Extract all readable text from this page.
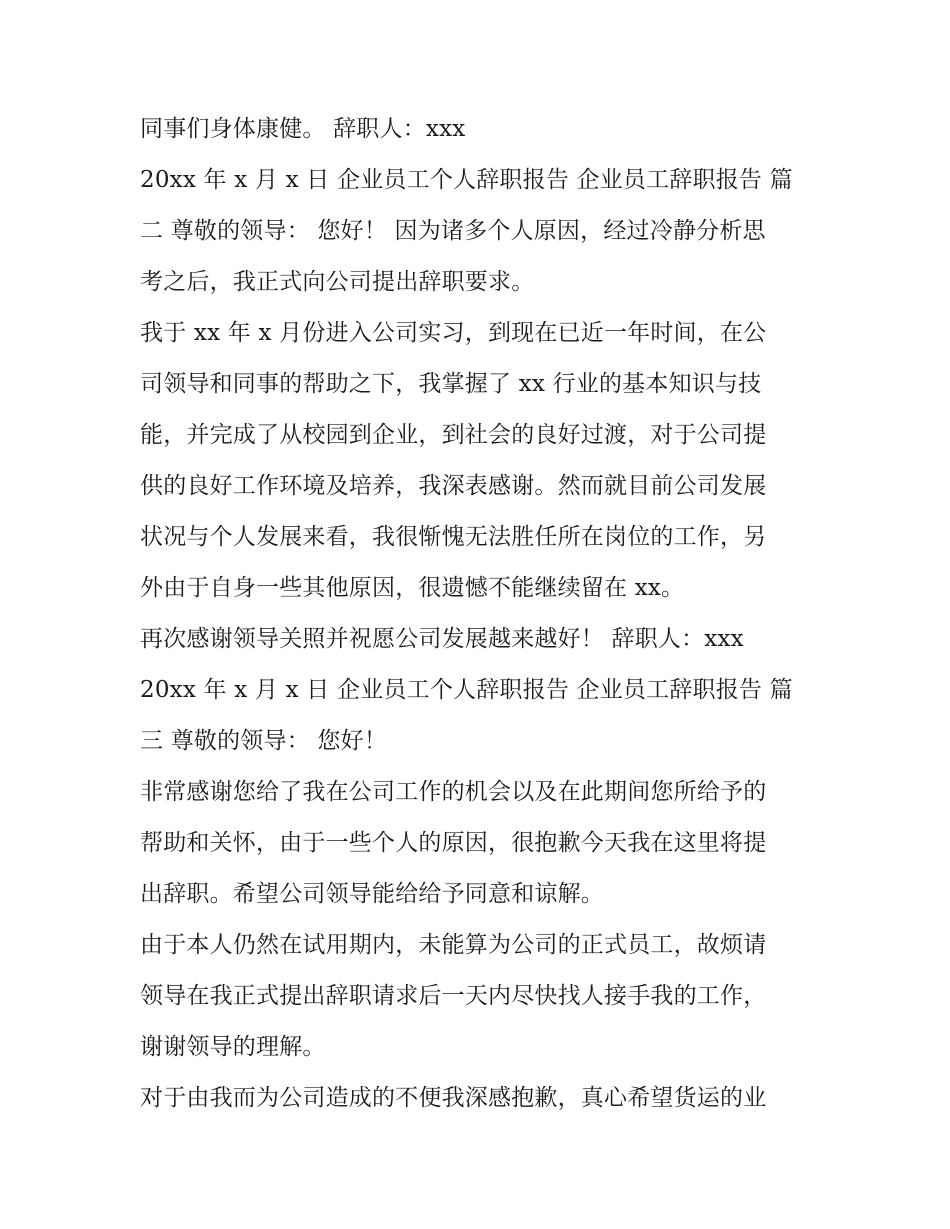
同事们身体康健。 辞职人：xxx

20xx 年 x 月 x 日 企业员工个人辞职报告 企业员工辞职报告 篇

二 尊敬的领导： 您好！ 因为诸多个人原因，经过冷静分析思

考之后，我正式向公司提出辞职要求。

我于 xx 年 x 月份进入公司实习，到现在已近一年时间，在公

司领导和同事的帮助之下，我掌握了 xx 行业的基本知识与技

能，并完成了从校园到企业，到社会的良好过渡，对于公司提

供的良好工作环境及培养，我深表感谢。然而就目前公司发展

状况与个人发展来看，我很惭愧无法胜任所在岗位的工作，另

外由于自身一些其他原因，很遗憾不能继续留在 xx。

再次感谢领导关照并祝愿公司发展越来越好！ 辞职人：xxx

20xx 年 x 月 x 日 企业员工个人辞职报告 企业员工辞职报告 篇

三 尊敬的领导： 您好！

非常感谢您给了我在公司工作的机会以及在此期间您所给予的

帮助和关怀，由于一些个人的原因，很抱歉今天我在这里将提

出辞职。希望公司领导能给给予同意和谅解。

由于本人仍然在试用期内，未能算为公司的正式员工，故烦请

领导在我正式提出辞职请求后一天内尽快找人接手我的工作，

谢谢领导的理解。

对于由我而为公司造成的不便我深感抱歉，真心希望货运的业
